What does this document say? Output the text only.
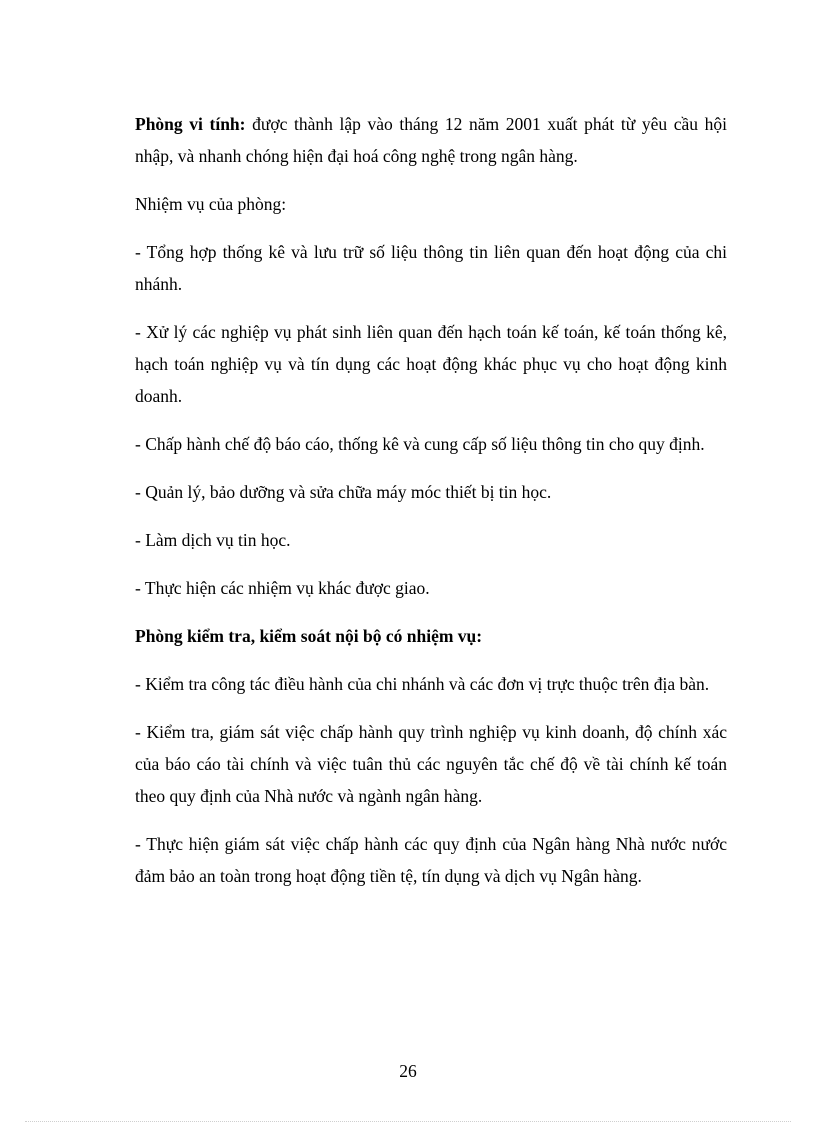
Phòng vi tính: được thành lập vào tháng 12 năm 2001 xuất phát từ yêu cầu hội nhập, và nhanh chóng hiện đại hoá công nghệ trong ngân hàng.

Nhiệm vụ của phòng:

- Tổng hợp thống kê và lưu trữ số liệu thông tin liên quan đến hoạt động của chi nhánh.

- Xử lý các nghiệp vụ phát sinh liên quan đến hạch toán kế toán, kế toán thống kê, hạch toán nghiệp vụ và tín dụng các hoạt động khác phục vụ cho hoạt động kinh doanh.

- Chấp hành chế độ báo cáo, thống kê và cung cấp số liệu thông tin cho quy định.

- Quản lý, bảo dưỡng và sửa chữa máy móc thiết bị tin học.

- Làm dịch vụ tin học.

- Thực hiện các nhiệm vụ khác được giao.

Phòng kiểm tra, kiểm soát nội bộ có nhiệm vụ:

- Kiểm tra công tác điều hành của chi nhánh và các đơn vị trực thuộc trên địa bàn.

- Kiểm tra, giám sát việc chấp hành quy trình nghiệp vụ kinh doanh, độ chính xác của báo cáo tài chính và việc tuân thủ các nguyên tắc chế độ về tài chính kế toán theo quy định của Nhà nước và ngành ngân hàng.

- Thực hiện giám sát việc chấp hành các quy định của Ngân hàng Nhà nước nước đảm bảo an toàn trong hoạt động tiền tệ, tín dụng và dịch vụ Ngân hàng.

26
